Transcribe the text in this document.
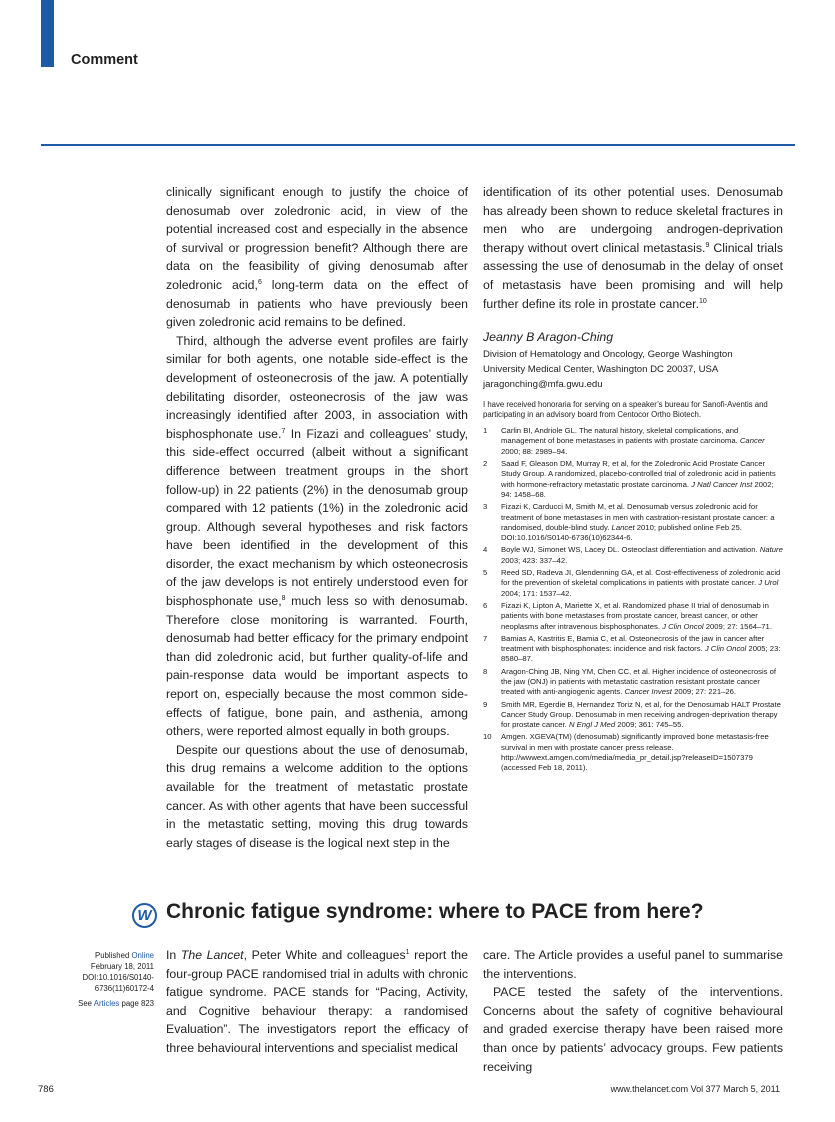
Comment

clinically significant enough to justify the choice of denosumab over zoledronic acid, in view of the potential increased cost and especially in the absence of survival or progression benefit? Although there are data on the feasibility of giving denosumab after zoledronic acid,$^6$ long-term data on the effect of denosumab in patients who have previously been given zoledronic acid remains to be defined.

Third, although the adverse event profiles are fairly similar for both agents, one notable side-effect is the development of osteonecrosis of the jaw. A potentially debilitating disorder, osteonecrosis of the jaw was increasingly identified after 2003, in association with bisphosphonate use.$^7$ In Fizazi and colleagues’ study, this side-effect occurred (albeit without a significant difference between treatment groups in the short follow-up) in 22 patients (2%) in the denosumab group compared with 12 patients (1%) in the zoledronic acid group. Although several hypotheses and risk factors have been identified in the development of this disorder, the exact mechanism by which osteonecrosis of the jaw develops is not entirely understood even for bisphosphonate use,$^8$ much less so with denosumab. Therefore close monitoring is warranted. Fourth, denosumab had better efficacy for the primary endpoint than did zoledronic acid, but further quality-of-life and pain-response data would be important aspects to report on, especially because the most common side-effects of fatigue, bone pain, and asthenia, among others, were reported almost equally in both groups.

Despite our questions about the use of denosumab, this drug remains a welcome addition to the options available for the treatment of metastatic prostate cancer. As with other agents that have been successful in the metastatic setting, moving this drug towards early stages of disease is the logical next step in the

identification of its other potential uses. Denosumab has already been shown to reduce skeletal fractures in men who are undergoing androgen-deprivation therapy without overt clinical metastasis.$^9$ Clinical trials assessing the use of denosumab in the delay of onset of metastasis have been promising and will help further define its role in prostate cancer.$^{10}$

Jeanny B Aragon-Ching
Division of Hematology and Oncology, George Washington
University Medical Center, Washington DC 20037, USA
jaragonching@mfa.gwu.edu
I have received honoraria for serving on a speaker’s bureau for Sanofi-Aventis and participating in an advisory board from Centocor Ortho Biotech.
1 Carlin BI, Andriole GL. The natural history, skeletal complications, and management of bone metastases in patients with prostate carcinoma. Cancer 2000; 88: 2989–94.
2 Saad F, Gleason DM, Murray R, et al, for the Zoledronic Acid Prostate Cancer Study Group. A randomized, placebo-controlled trial of zoledronic acid in patients with hormone-refractory metastatic prostate carcinoma. J Natl Cancer Inst 2002; 94: 1458–68.
3 Fizazi K, Carducci M, Smith M, et al. Denosumab versus zoledronic acid for treatment of bone metastases in men with castration-resistant prostate cancer: a randomised, double-blind study. Lancet 2010; published online Feb 25. DOI:10.1016/S0140-6736(10)62344-6.
4 Boyle WJ, Simonet WS, Lacey DL. Osteoclast differentiation and activation. Nature 2003; 423: 337–42.
5 Reed SD, Radeva JI, Glendenning GA, et al. Cost-effectiveness of zoledronic acid for the prevention of skeletal complications in patients with prostate cancer. J Urol 2004; 171: 1537–42.
6 Fizazi K, Lipton A, Mariette X, et al. Randomized phase II trial of denosumab in patients with bone metastases from prostate cancer, breast cancer, or other neoplasms after intravenous bisphosphonates. J Clin Oncol 2009; 27: 1564–71.
7 Bamias A, Kastritis E, Bamia C, et al. Osteonecrosis of the jaw in cancer after treatment with bisphosphonates: incidence and risk factors. J Clin Oncol 2005; 23: 8580–87.
8 Aragon-Ching JB, Ning YM, Chen CC, et al. Higher incidence of osteonecrosis of the jaw (ONJ) in patients with metastatic castration resistant prostate cancer treated with anti-angiogenic agents. Cancer Invest 2009; 27: 221–26.
9 Smith MR, Egerdie B, Hernandez Toriz N, et al, for the Denosumab HALT Prostate Cancer Study Group. Denosumab in men receiving androgen-deprivation therapy for prostate cancer. N Engl J Med 2009; 361: 745–55.
10 Amgen. XGEVA(TM) (denosumab) significantly improved bone metastasis-free survival in men with prostate cancer press release. http://wwwext.amgen.com/media/media_pr_detail.jsp?releaseID=1507379 (accessed Feb 18, 2011).
W Chronic fatigue syndrome: where to PACE from here?
Published Online
February 18, 2011
DOI:10.1016/S0140-
6736(11)60172-4
See Articles page 823

In The Lancet, Peter White and colleagues$^1$ report the four-group PACE randomised trial in adults with chronic fatigue syndrome. PACE stands for “Pacing, Activity, and Cognitive behaviour therapy: a randomised Evaluation”. The investigators report the efficacy of three behavioural interventions and specialist medical

care. The Article provides a useful panel to summarise the interventions.

PACE tested the safety of the interventions. Concerns about the safety of cognitive behavioural and graded exercise therapy have been raised more than once by patients’ advocacy groups. Few patients receiving

786	www.thelancet.com Vol 377 March 5, 2011
